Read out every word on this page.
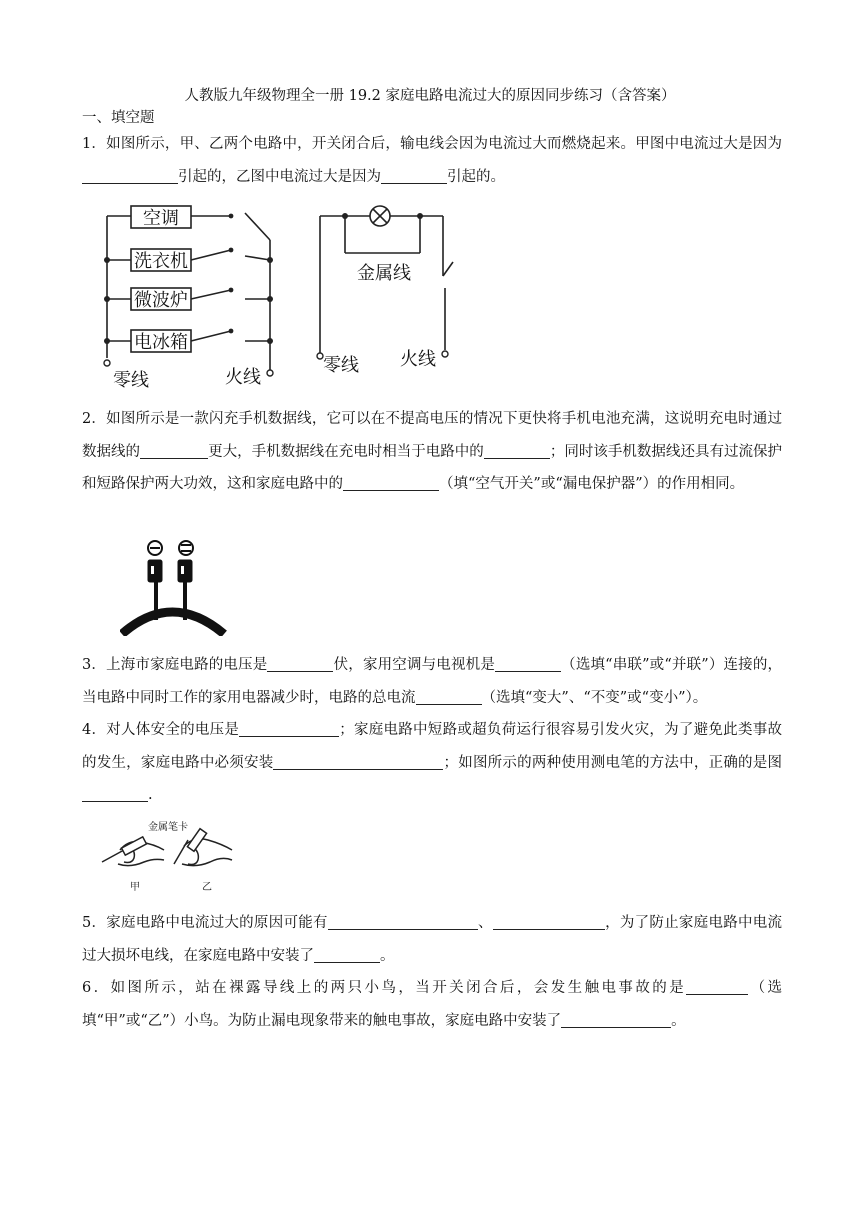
人教版九年级物理全一册 19.2 家庭电路电流过大的原因同步练习（含答案）
一、填空题

1．如图所示，甲、乙两个电路中，开关闭合后，输电线会因为电流过大而燃烧起来。甲图中电流过大是因为引起的，乙图中电流过大是因为	引起的。

空调
洗衣机
微波炉
电冰箱
零线	火线
金属线
零线 火线

2．如图所示是一款闪充手机数据线，它可以在不提高电压的情况下更快将手机电池充满，这说明充电时通过数据线的	更大，手机数据线在充电时相当于电路中的	；同时该手机数据线还具有过流保护和短路保护两大功效，这和家庭电路中的	（填“空气开关”或“漏电保护器”）的作用相同。

3．上海市家庭电路的电压是	伏，家用空调与电视机是	（选填“串联”或“并联”）连接的，当电路中同时工作的家用电器减少时，电路的总电流	（选填“变大”、“不变”或“变小”）。

4．对人体安全的电压是	；家庭电路中短路或超负荷运行很容易引发火灾，为了避免此类事故的发生，家庭电路中必须安装	；如图所示的两种使用测电笔的方法中，正确的是图.

金属笔卡
甲	乙

5．家庭电路中电流过大的原因可能有	、	，为了防止家庭电路中电流过大损坏电线，在家庭电路中安装了	。

6．如图所示，站在裸露导线上的两只小鸟，当开关闭合后，会发生触电事故的是	（选填“甲”或“乙”）小鸟。为防止漏电现象带来的触电事故，家庭电路中安装了	。
